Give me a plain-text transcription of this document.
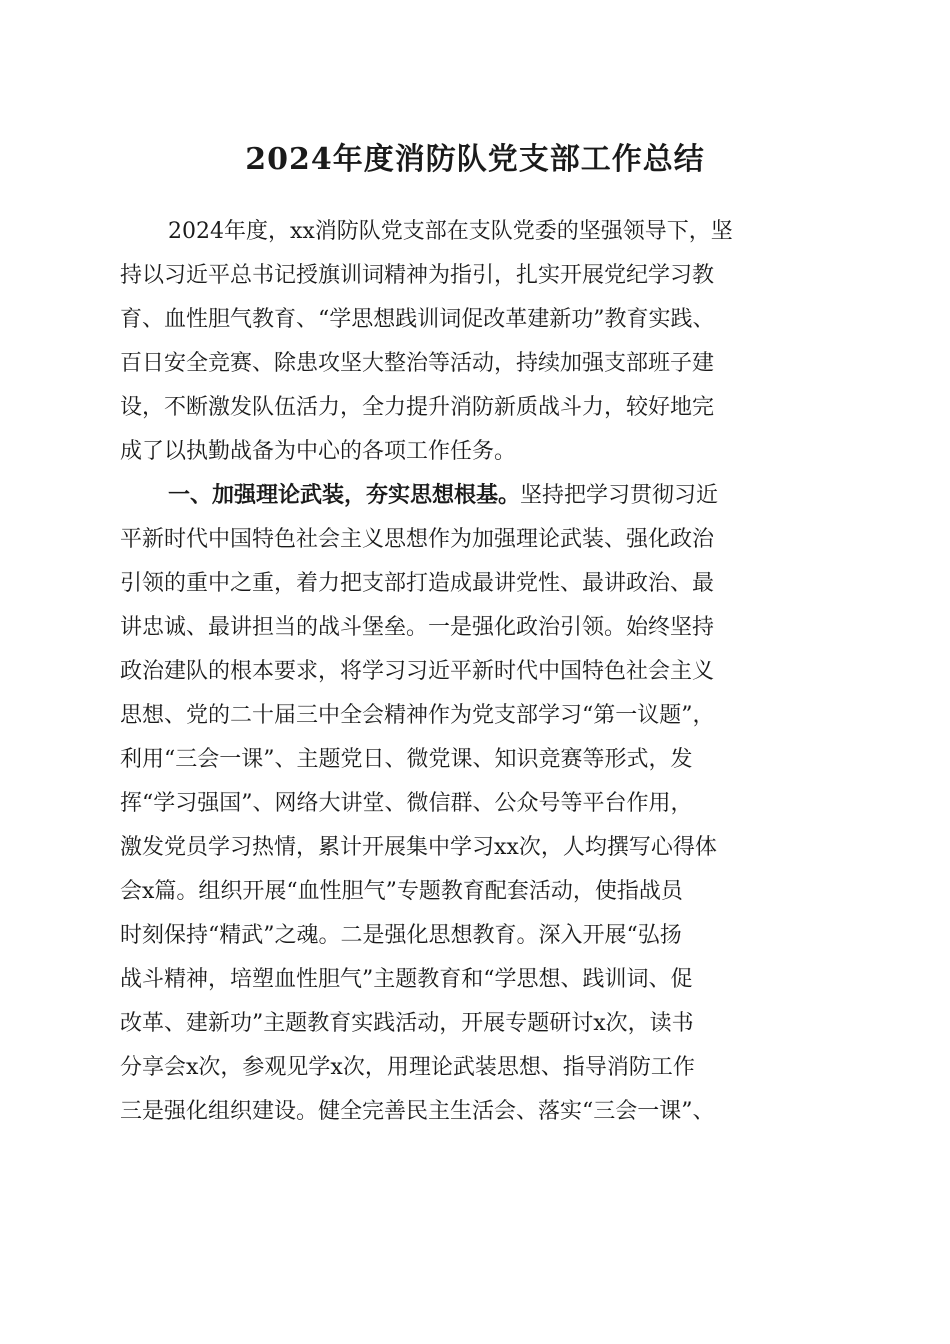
2024年度消防队党支部工作总结
2024年度，xx消防队党支部在支队党委的坚强领导下，坚
持以习近平总书记授旗训词精神为指引，扎实开展党纪学习教
育、血性胆气教育、“学思想践训词促改革建新功”教育实践、
百日安全竞赛、除患攻坚大整治等活动，持续加强支部班子建
设，不断激发队伍活力，全力提升消防新质战斗力，较好地完
成了以执勤战备为中心的各项工作任务。
一、加强理论武装，夯实思想根基。坚持把学习贯彻习近
平新时代中国特色社会主义思想作为加强理论武装、强化政治
引领的重中之重，着力把支部打造成最讲党性、最讲政治、最
讲忠诚、最讲担当的战斗堡垒。一是强化政治引领。始终坚持
政治建队的根本要求，将学习习近平新时代中国特色社会主义
思想、党的二十届三中全会精神作为党支部学习“第一议题”，
利用“三会一课”、主题党日、微党课、知识竞赛等形式，发
挥“学习强国”、网络大讲堂、微信群、公众号等平台作用，
激发党员学习热情，累计开展集中学习xx次，人均撰写心得体
会x篇。组织开展“血性胆气”专题教育配套活动，使指战员
时刻保持“精武”之魂。二是强化思想教育。深入开展“弘扬
战斗精神，培塑血性胆气”主题教育和“学思想、践训词、促
改革、建新功”主题教育实践活动，开展专题研讨x次，读书
分享会x次，参观见学x次，用理论武装思想、指导消防工作
三是强化组织建设。健全完善民主生活会、落实“三会一课”、
